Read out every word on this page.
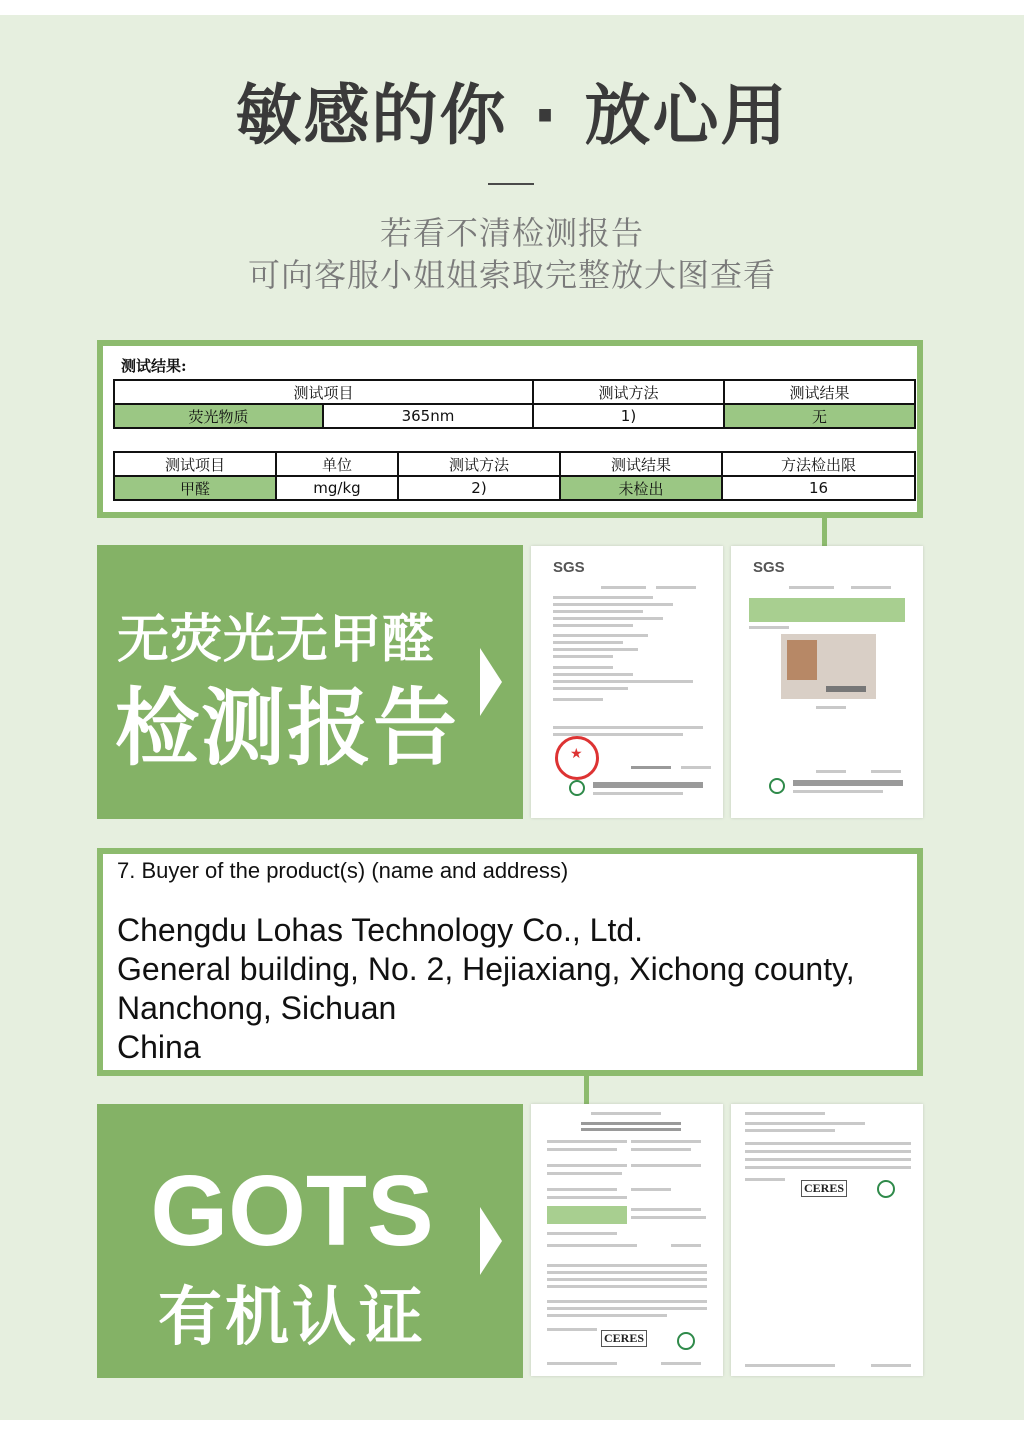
敏感的你 · 放心用
若看不清检测报告
可向客服小姐姐索取完整放大图查看
测试结果:
测试项目		测试方法	测试结果
荧光物质	365nm	1)	无
测试项目	单位	测试方法	测试结果	方法检出限
甲醛	mg/kg	2)	未检出	16
无荧光无甲醛
检测报告
SGS
★
SGS
7. Buyer of the product(s) (name and address)
Chengdu Lohas Technology Co., Ltd.
General building, No. 2, Hejiaxiang, Xichong county,
Nanchong, Sichuan
China
GOTS
有机认证	CERES
CERES
